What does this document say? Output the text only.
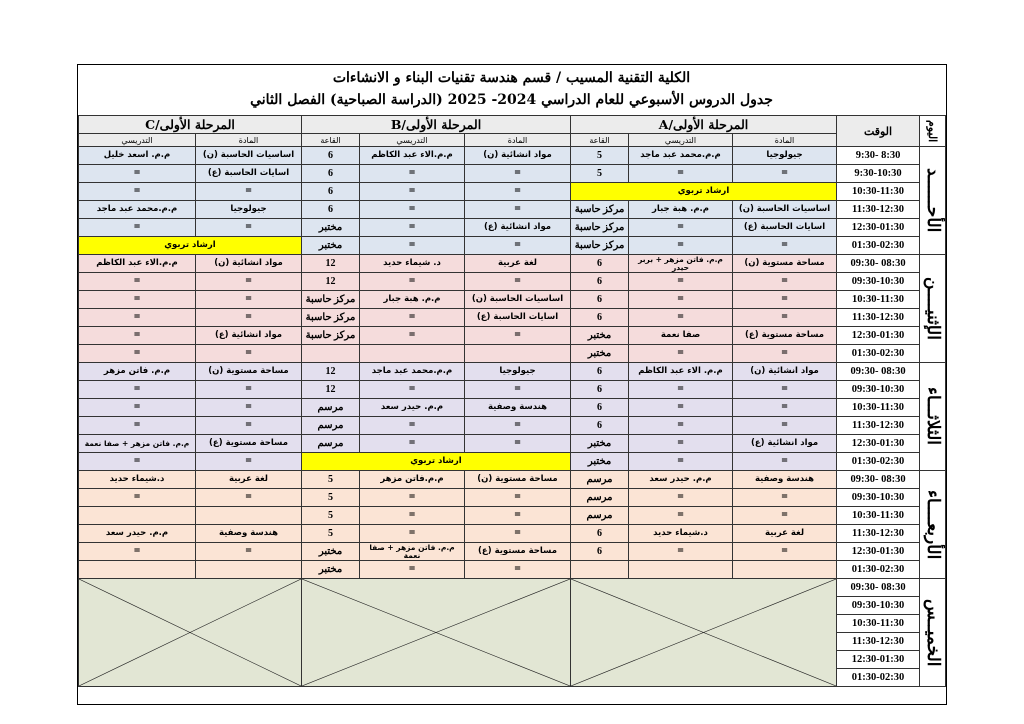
الكلية التقنية المسيب / قسم هندسة تقنيات البناء و الانشاءات
جدول الدروس الأسبوعي للعام الدراسي 2024- 2025 (الدراسة الصباحية) الفصل الثاني
اليوم	الوقت	المرحلة الأولى/A			المرحلة الأولى/B			المرحلة الأولى/C	
		المادة	التدريسي	القاعة	المادة	التدريسي	القاعة	المادة	التدريسي
الأحــــــد	8:30 -9:30	جيولوجيا	م.م.محمد عبد ماجد	5	مواد انشائية (ن)	م.م.الاء عبد الكاظم	6	اساسيات الحاسبة (ن)	م.م. اسعد خليل
	9:30-10:30	=	=	5	=	=	6	اسايات الحاسبة (ع)	=
	10:30-11:30	ارشاد تربوي			=	=	6	=	=
	11:30-12:30	اساسيات الحاسبة (ن)	م.م. هبة جبار	مركز حاسبة	=	=	6	جيولوجيا	م.م.محمد عبد ماجد
	12:30-01:30	اسايات الحاسبة (ع)	=	مركز حاسبة	مواد انشائية (ع)	=	مختبر	=	=
	01:30-02:30	=	=	مركز حاسبة	=	=	مختبر	ارشاد تربوي	
الإثنيــــن	08:30 -09:30	مساحة مستوية (ن)	م.م. فاتن مزهر + بربر حيدر	6	لغة عربية	د. شيماء حديد	12	مواد انشائية (ن)	م.م.الاء عبد الكاظم
	09:30-10:30	=	=	6	=	=	12	=	=
	10:30-11:30	=	=	6	اساسيات الحاسبة (ن)	م.م. هبة جبار	مركز حاسبة	=	=
	11:30-12:30	=	=	6	اسايات الحاسبة (ع)	=	مركز حاسبة	=	=
	12:30-01:30	مساحة مستوية (ع)	صفا نعمة	مختبر	=	=	مركز حاسبة	مواد انشائية (ع)	=
	01:30-02:30	=	=	مختبر				=	=
الثلاثـــاء	08:30 -09:30	مواد انشائية (ن)	م.م. الاء عبد الكاظم	6	جيولوجيا	م.م.محمد عبد ماجد	12	مساحة مستوية (ن)	م.م. فاتن مزهر
	09:30-10:30	=	=	6	=	=	12	=	=
	10:30-11:30	=	=	6	هندسة وصفية	م.م. حيدر سعد	مرسم	=	=
	11:30-12:30	=	=	6	=	=	مرسم	=	=
	12:30-01:30	مواد انشائية (ع)	=	مختبر	=	=	مرسم	مساحة مستوية (ع)	م.م. فاتن مزهر + صفا نعمة
	01:30-02:30	=	=	مختبر	ارشاد تربوي			=	=
الأربعــــاء	08:30 -09:30	هندسة وصفية	م.م. حيدر سعد	مرسم	مساحة مستوية (ن)	م.م.فاتن مزهر	5	لغة عربية	د.شيماء حديد
	09:30-10:30	=	=	مرسم	=	=	5	=	=
	10:30-11:30	=	=	مرسم	=	=	5		
	11:30-12:30	لغة عربية	د.شيماء حديد	6	=	=	5	هندسة وصفية	م.م. حيدر سعد
	12:30-01:30	=	=	6	مساحة مستوية (ع)	م.م. فاتن مزهر + صفا نعمة	مختبر	=	=
	01:30-02:30				=	=	مختبر		
الخميــس	08:30 -09:30	

	09:30-10:30								
	10:30-11:30								
	11:30-12:30								
	12:30-01:30								
	01:30-02:30								
